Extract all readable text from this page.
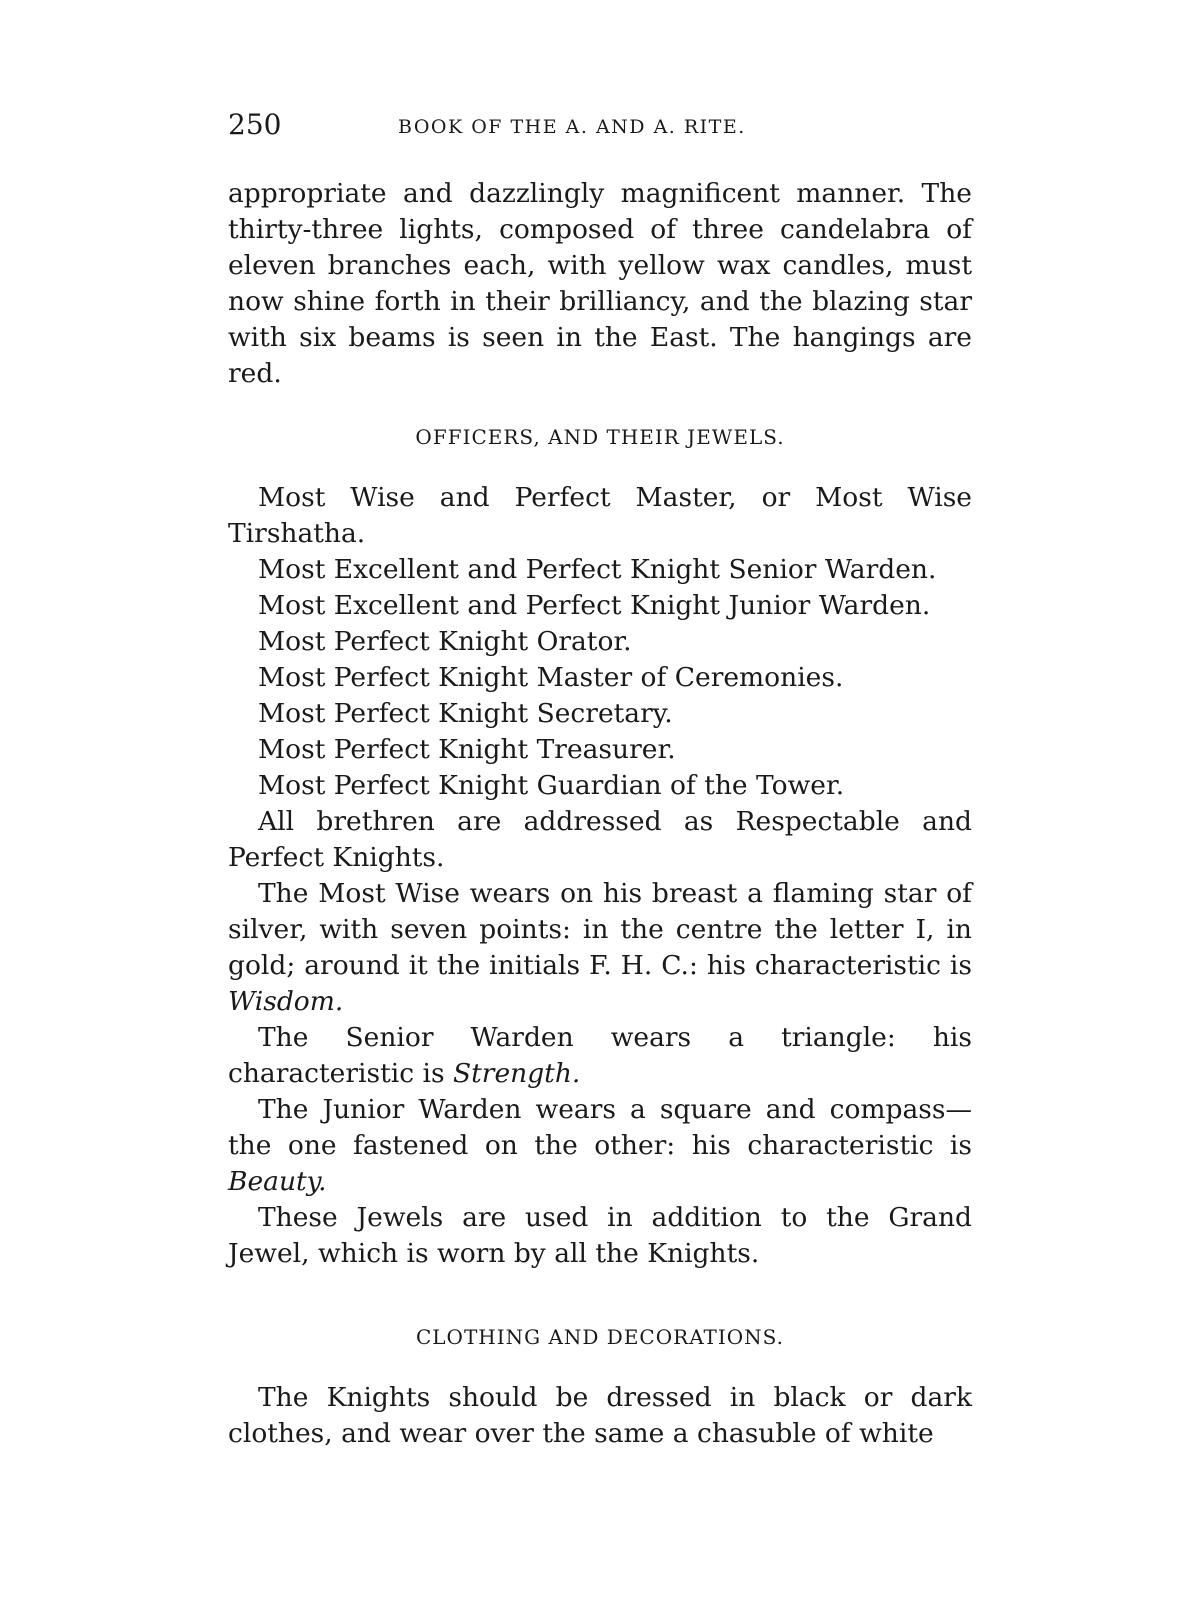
250	BOOK OF THE A. AND A. RITE.

appropriate and dazzlingly magnificent manner. The thirty-three lights, composed of three candelabra of eleven branches each, with yellow wax candles, must now shine forth in their brilliancy, and the blazing star with six beams is seen in the East. The hangings are red.

OFFICERS, AND THEIR JEWELS.

Most Wise and Perfect Master, or Most Wise Tirshatha.

Most Excellent and Perfect Knight Senior Warden.

Most Excellent and Perfect Knight Junior Warden.

Most Perfect Knight Orator.

Most Perfect Knight Master of Ceremonies.

Most Perfect Knight Secretary.

Most Perfect Knight Treasurer.

Most Perfect Knight Guardian of the Tower.

All brethren are addressed as Respectable and Perfect Knights.

The Most Wise wears on his breast a flaming star of silver, with seven points: in the centre the letter I, in gold; around it the initials F. H. C.: his characteristic is Wisdom.

The Senior Warden wears a triangle: his characteristic is Strength.

The Junior Warden wears a square and compass—the one fastened on the other: his characteristic is Beauty.

These Jewels are used in addition to the Grand Jewel, which is worn by all the Knights.

CLOTHING AND DECORATIONS.

The Knights should be dressed in black or dark clothes, and wear over the same a chasuble of white
